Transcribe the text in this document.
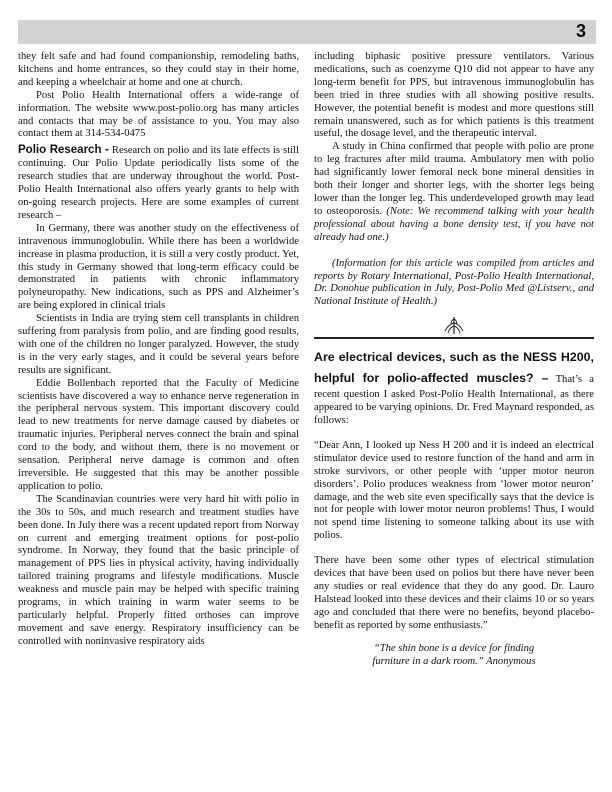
3

they felt safe and had found companionship, remodeling baths, kitchens and home entrances, so they could stay in their home, and keeping a wheelchair at home and one at church.

Post Polio Health International offers a wide-range of information. The website www.post-polio.org has many articles and contacts that may be of assistance to you. You may also contact them at 314-534-0475

Polio Research - Research on polio and its late effects is still continuing. Our Polio Update periodically lists some of the research studies that are underway throughout the world. Post-Polio Health International also offers yearly grants to help with on-going research projects. Here are some examples of current research –

In Germany, there was another study on the effectiveness of intravenous immunoglobulin. While there has been a worldwide increase in plasma production, it is still a very costly product. Yet, this study in Germany showed that long-term efficacy could be demonstrated in patients with chronic inflammatory polyneuropathy. New indications, such as PPS and Alzheimer’s are being explored in clinical trials

Scientists in India are trying stem cell transplants in children suffering from paralysis from polio, and are finding good results, with one of the children no longer paralyzed. However, the study is in the very early stages, and it could be several years before results are significant.

Eddie Bollenbach reported that the Faculty of Medicine scientists have discovered a way to enhance nerve regeneration in the peripheral nervous system. This important discovery could lead to new treatments for nerve damage caused by diabetes or traumatic injuries. Peripheral nerves connect the brain and spinal cord to the body, and without them, there is no movement or sensation. Peripheral nerve damage is common and often irreversible. He suggested that this may be another possible application to polio.

The Scandinavian countries were very hard hit with polio in the 30s to 50s, and much research and treatment studies have been done. In July there was a recent updated report from Norway on current and emerging treatment options for post-polio syndrome. In Norway, they found that the basic principle of management of PPS lies in physical activity, having individually tailored training programs and lifestyle modifications. Muscle weakness and muscle pain may be helped with specific training programs, in which training in warm water seems to be particularly helpful. Properly fitted orthoses can improve movement and save energy. Respiratory insufficiency can be controlled with noninvasive respiratory aids

including biphasic positive pressure ventilators. Various medications, such as coenzyme Q10 did not appear to have any long-term benefit for PPS, but intravenous immunoglobulin has been tried in three studies with all showing positive results. However, the potential benefit is modest and more questions still remain unanswered, such as for which patients is this treatment useful, the dosage level, and the therapeutic interval.

A study in China confirmed that people with polio are prone to leg fractures after mild trauma. Ambulatory men with polio had significantly lower femoral neck bone mineral densities in both their longer and shorter legs, with the shorter legs being lower than the longer leg. This underdeveloped growth may lead to osteoporosis. (Note: We recommend talking with your health professional about having a bone density test, if you have not already had one.)

(Information for this article was compiled from articles and reports by Rotary International, Post-Polio Health International, Dr. Donohue publication in July, Post-Polio Med @Listserv., and National Institute of Health.)

Are electrical devices, such as the NESS H200, helpful for polio-affected muscles? – That’s a recent question I asked Post-Polio Health International, as there appeared to be varying opinions. Dr. Fred Maynard responded, as follows:

“Dear Ann, I looked up Ness H 200 and it is indeed an electrical stimulator device used to restore function of the hand and arm in stroke survivors, or other people with ‘upper motor neuron disorders’. Polio produces weakness from ‘lower motor neuron’ damage, and the web site even specifically says that the device is not for people with lower motor neuron problems! Thus, I would not spend time listening to someone talking about its use with polios.

There have been some other types of electrical stimulation devices that have been used on polios but there have never been any studies or real evidence that they do any good. Dr. Lauro Halstead looked into these devices and their claims 10 or so years ago and concluded that there were no benefits, beyond placebo-benefit as reported by some enthusiasts.”

“The shin bone is a device for finding

furniture in a dark room.” Anonymous
